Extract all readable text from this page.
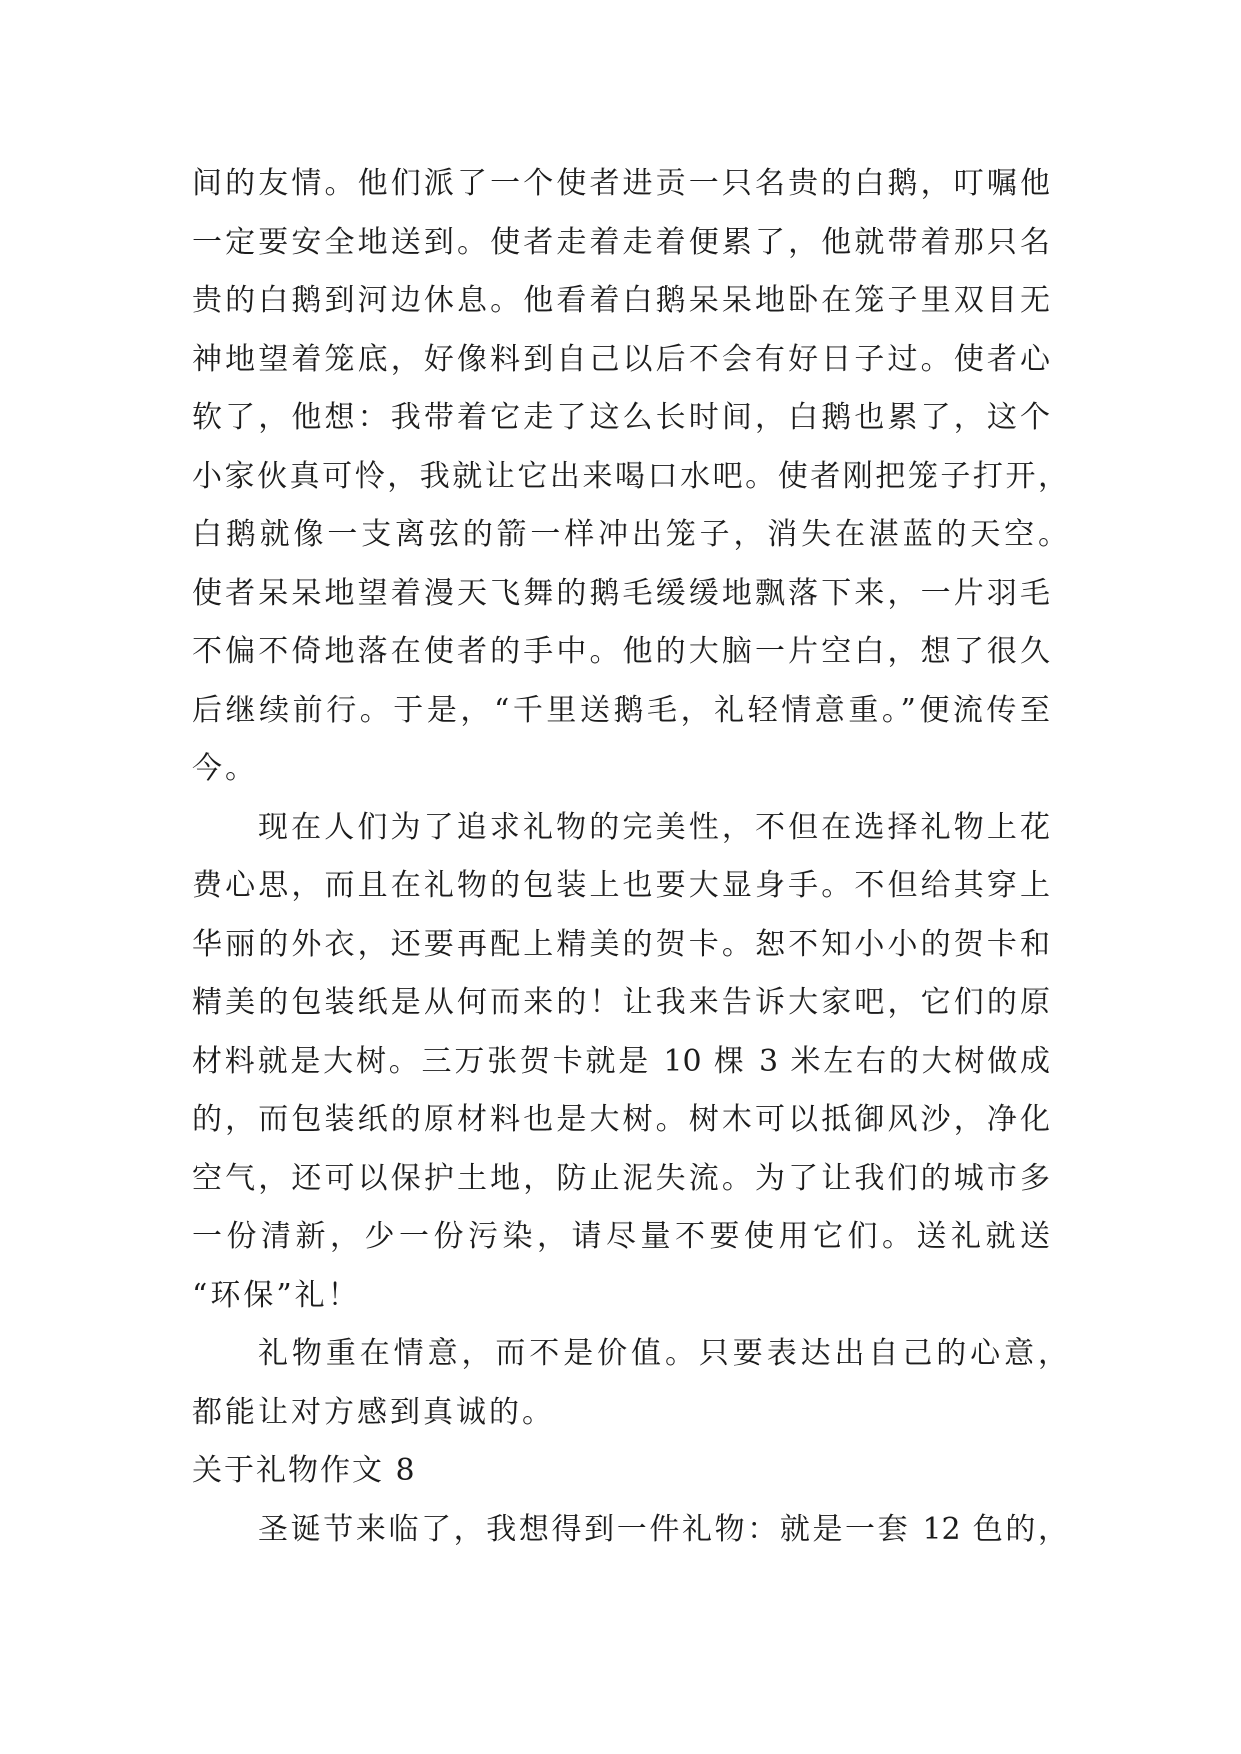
间的友情。他们派了一个使者进贡一只名贵的白鹅，叮嘱他
一定要安全地送到。使者走着走着便累了，他就带着那只名
贵的白鹅到河边休息。他看着白鹅呆呆地卧在笼子里双目无
神地望着笼底，好像料到自己以后不会有好日子过。使者心
软了，他想：我带着它走了这么长时间，白鹅也累了，这个
小家伙真可怜，我就让它出来喝口水吧。使者刚把笼子打开，
白鹅就像一支离弦的箭一样冲出笼子，消失在湛蓝的天空。
使者呆呆地望着漫天飞舞的鹅毛缓缓地飘落下来，一片羽毛
不偏不倚地落在使者的手中。他的大脑一片空白，想了很久
后继续前行。于是，“千里送鹅毛，礼轻情意重。”便流传至
今。
现在人们为了追求礼物的完美性，不但在选择礼物上花
费心思，而且在礼物的包装上也要大显身手。不但给其穿上
华丽的外衣，还要再配上精美的贺卡。恕不知小小的贺卡和
精美的包装纸是从何而来的！让我来告诉大家吧，它们的原
材料就是大树。三万张贺卡就是 10 棵 3 米左右的大树做成
的，而包装纸的原材料也是大树。树木可以抵御风沙，净化
空气，还可以保护土地，防止泥失流。为了让我们的城市多
一份清新，少一份污染，请尽量不要使用它们。送礼就送
“环保”礼！
礼物重在情意，而不是价值。只要表达出自己的心意，
都能让对方感到真诚的。
关于礼物作文 8
圣诞节来临了，我想得到一件礼物：就是一套 12 色的，
